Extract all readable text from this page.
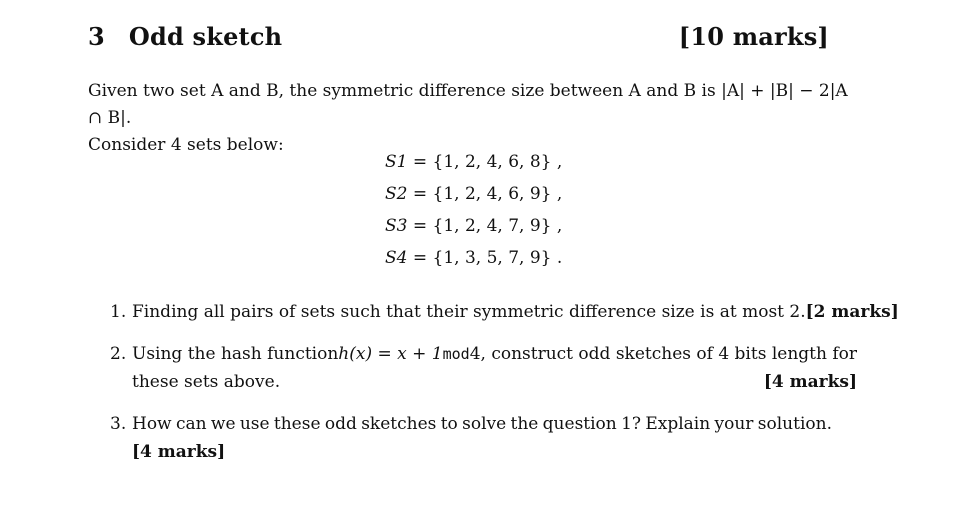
3 Odd sketch	[10 marks]

Given two set A and B, the symmetric difference size between A and B is |A| + |B| − 2|A ∩ B|.

Consider 4 sets below:

S1 = {1, 2, 4, 6, 8} ,
S2 = {1, 2, 4, 6, 9} ,
S3 = {1, 2, 4, 7, 9} ,
S4 = {1, 3, 5, 7, 9} .
1. Finding all pairs of sets such that their symmetric difference size is at most 2. [2 marks]
2. Using the hash function h(x) = x + 1 mod 4, construct odd sketches of 4 bits length for
these sets above.	[4 marks]
3. How can we use these odd sketches to solve the question 1? Explain your solution.
[4 marks]
